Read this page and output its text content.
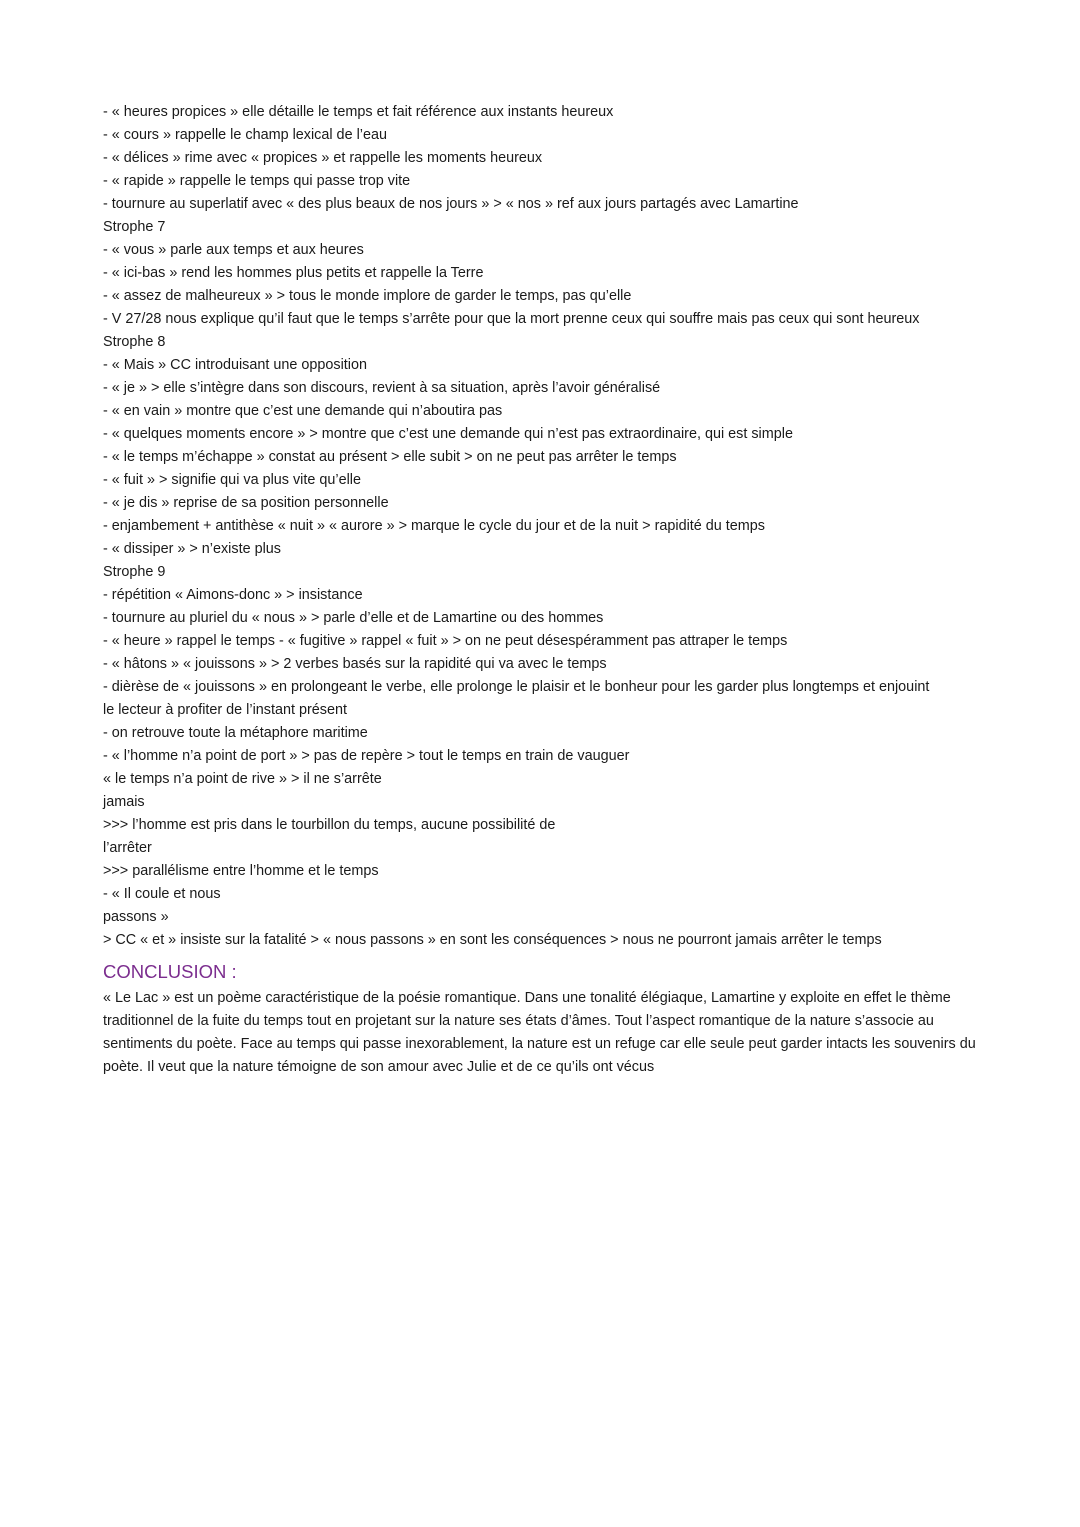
- « heures propices » elle détaille le temps et fait référence aux instants heureux
- « cours » rappelle le champ lexical de l’eau
- « délices » rime avec « propices » et rappelle les moments heureux
- « rapide » rappelle le temps qui passe trop vite
- tournure au superlatif avec « des plus beaux de nos jours » > « nos » ref aux jours partagés avec Lamartine
Strophe 7
- « vous » parle aux temps et aux heures
- « ici-bas » rend les hommes plus petits et rappelle la Terre
- « assez de malheureux » > tous le monde implore de garder le temps, pas qu’elle
- V 27/28 nous explique qu’il faut que le temps s’arrête pour que la mort prenne ceux qui souffre mais pas ceux qui sont heureux
Strophe 8
- « Mais » CC introduisant une opposition
- « je » > elle s’intègre dans son discours, revient à sa situation, après l’avoir généralisé
- « en vain » montre que c’est une demande qui n’aboutira pas
- « quelques moments encore » > montre que c’est une demande qui n’est pas extraordinaire, qui est simple
- « le temps m’échappe » constat au présent > elle subit > on ne peut pas arrêter le temps
- « fuit » > signifie qui va plus vite qu’elle
- « je dis » reprise de sa position personnelle
- enjambement + antithèse « nuit » « aurore » > marque le cycle du jour et de la nuit > rapidité du temps
- « dissiper » > n’existe plus
Strophe 9
- répétition « Aimons-donc » > insistance
- tournure au pluriel du « nous » > parle d’elle et de Lamartine ou des hommes
- « heure » rappel le temps - « fugitive » rappel « fuit » > on ne peut désespéramment pas attraper le temps
- « hâtons » « jouissons » > 2 verbes basés sur la rapidité qui va avec le temps
- dièrèse de « jouissons » en prolongeant le verbe, elle prolonge le plaisir et le bonheur pour les garder plus longtemps et enjouint
le lecteur à profiter de l’instant présent
- on retrouve toute la métaphore maritime
- « l’homme n’a point de port » > pas de repère > tout le temps en train de vauguer
« le temps n’a point de rive » > il ne s’arrête
jamais
>>> l’homme est pris dans le tourbillon du temps, aucune possibilité de
l’arrêter
>>> parallélisme entre l’homme et le temps
- « Il coule et nous
passons »
> CC « et » insiste sur la fatalité > « nous passons » en sont les conséquences > nous ne pourront jamais arrêter le temps
CONCLUSION :

« Le Lac » est un poème caractéristique de la poésie romantique. Dans une tonalité élégiaque, Lamartine y exploite en effet le thème traditionnel de la fuite du temps tout en projetant sur la nature ses états d’âmes. Tout l’aspect romantique de la nature s’associe au sentiments du poète. Face au temps qui passe inexorablement, la nature est un refuge car elle seule peut garder intacts les souvenirs du poète. Il veut que la nature témoigne de son amour avec Julie et de ce qu’ils ont vécus
